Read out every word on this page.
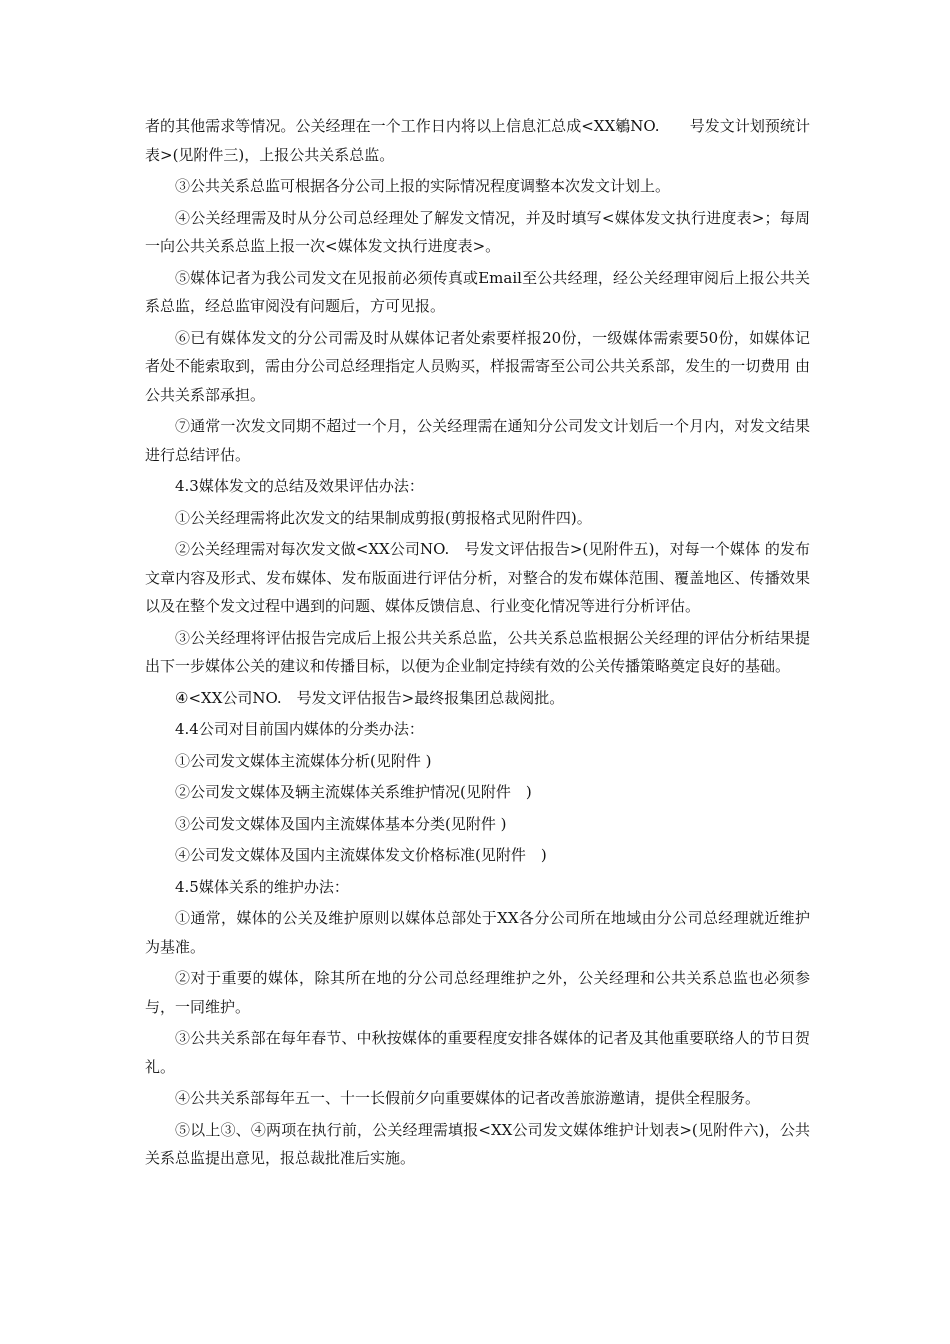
者的其他需求等情况。公关经理在一个工作日内将以上信息汇总成<XX鵴NO.　　号发文计划预统计表>(见附件三)，上报公共关系总监。

③公共关系总监可根据各分公司上报的实际情况程度调整本次发文计划上。

④公关经理需及时从分公司总经理处了解发文情况，并及时填写<媒体发文执行进度表>；每周一向公共关系总监上报一次<媒体发文执行进度表>。

⑤媒体记者为我公司发文在见报前必须传真或Email至公共经理，经公关经理审阅后上报公共关系总监，经总监审阅没有问题后，方可见报。

⑥已有媒体发文的分公司需及时从媒体记者处索要样报20份，一级媒体需索要50份，如媒体记者处不能索取到，需由分公司总经理指定人员购买，样报需寄至公司公共关系部，发生的一切费用 由公共关系部承担。

⑦通常一次发文同期不超过一个月，公关经理需在通知分公司发文计划后一个月内，对发文结果进行总结评估。

4.3媒体发文的总结及效果评估办法：

①公关经理需将此次发文的结果制成剪报(剪报格式见附件四)。

②公关经理需对每次发文做<XX公司NO.　号发文评估报告>(见附件五)，对每一个媒体 的发布文章内容及形式、发布媒体、发布版面进行评估分析，对整合的发布媒体范围、覆盖地区、传播效果以及在整个发文过程中遇到的问题、媒体反馈信息、行业变化情况等进行分析评估。

③公关经理将评估报告完成后上报公共关系总监，公共关系总监根据公关经理的评估分析结果提出下一步媒体公关的建议和传播目标，以便为企业制定持续有效的公关传播策略奠定良好的基础。

④<XX公司NO.　号发文评估报告>最终报集团总裁阅批。

4.4公司对目前国内媒体的分类办法：

①公司发文媒体主流媒体分析(见附件 )

②公司发文媒体及辆主流媒体关系维护情况(见附件　)

③公司发文媒体及国内主流媒体基本分类(见附件 )

④公司发文媒体及国内主流媒体发文价格标准(见附件　)

4.5媒体关系的维护办法：

①通常，媒体的公关及维护原则以媒体总部处于XX各分公司所在地域由分公司总经理就近维护为基准。

②对于重要的媒体，除其所在地的分公司总经理维护之外，公关经理和公共关系总监也必须参与，一同维护。

③公共关系部在每年春节、中秋按媒体的重要程度安排各媒体的记者及其他重要联络人的节日贺礼。

④公共关系部每年五一、十一长假前夕向重要媒体的记者改善旅游邀请，提供全程服务。

⑤以上③、④两项在执行前，公关经理需填报<XX公司发文媒体维护计划表>(见附件六)，公共关系总监提出意见，报总裁批准后实施。
